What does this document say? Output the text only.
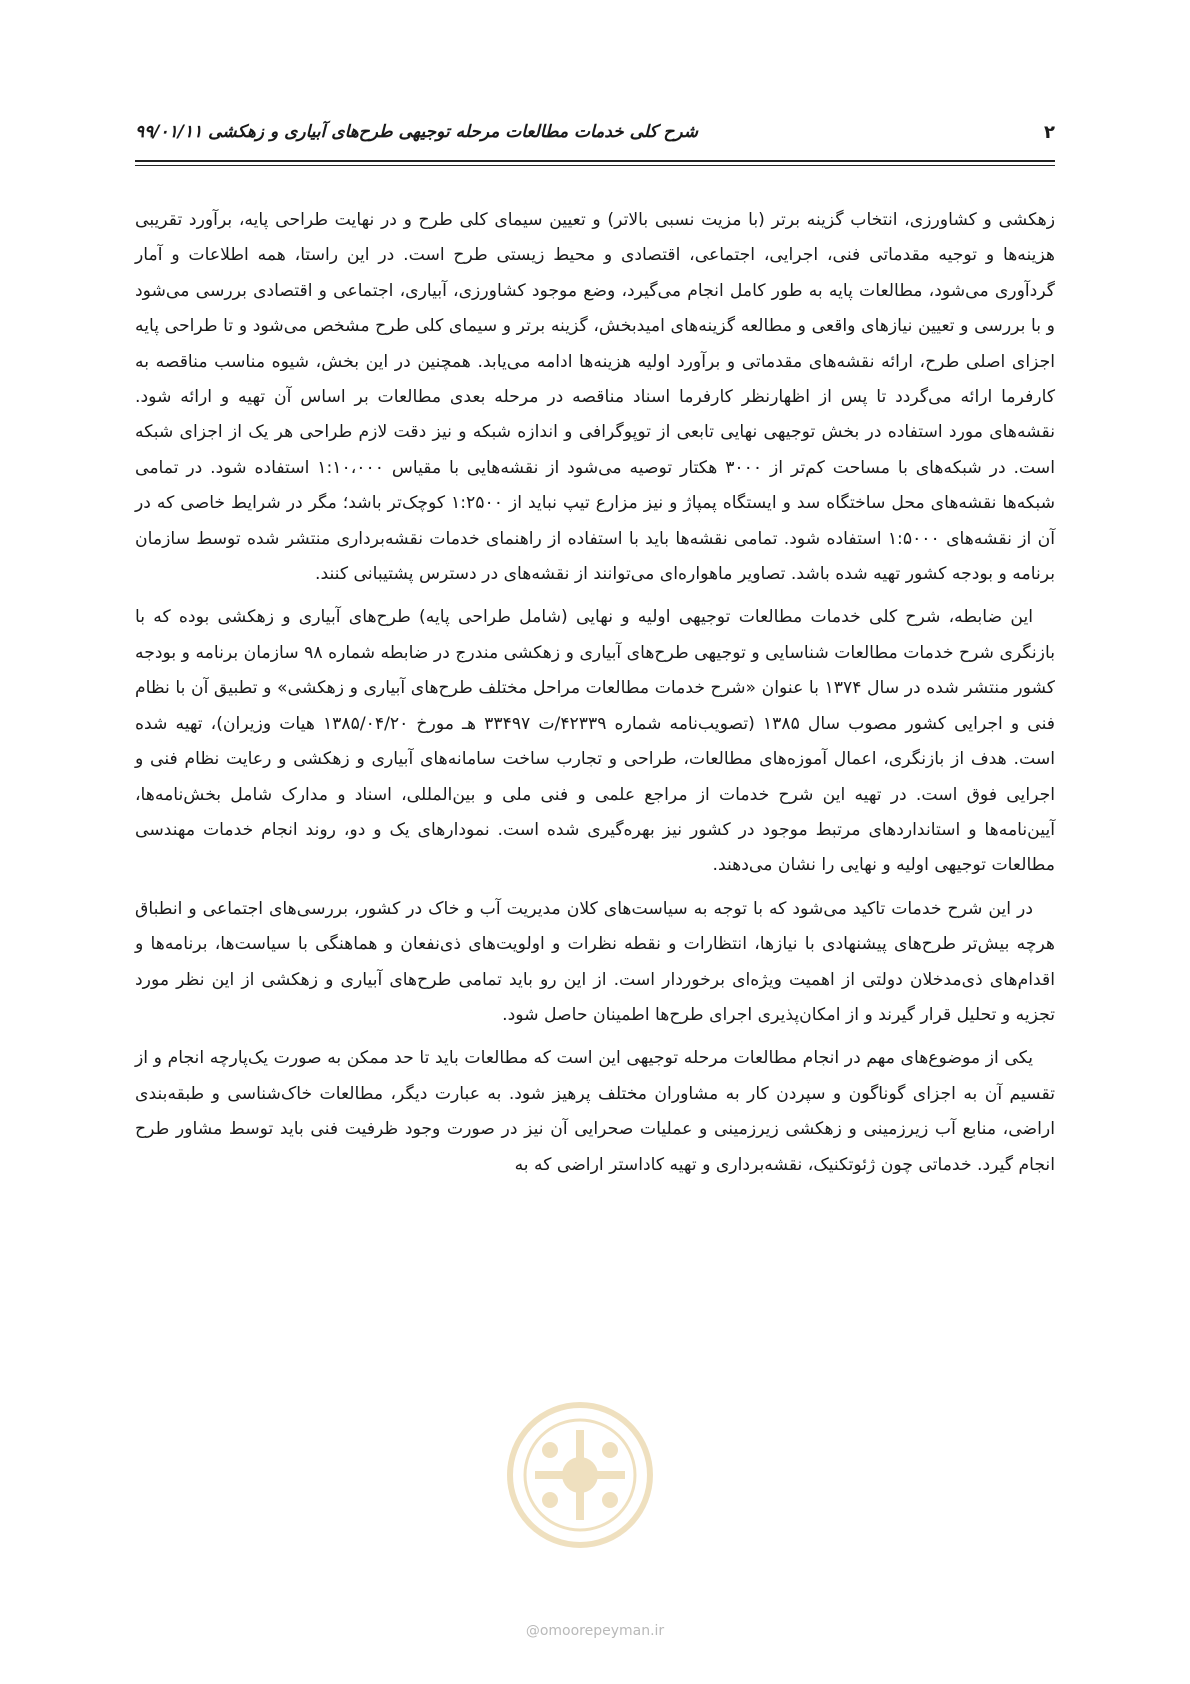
۲
شرح کلی خدمات مطالعات مرحله توجیهی طرح‌های آبیاری و زهکشی ۹۹/۰۱/۱۱

زهکشی و کشاورزی، انتخاب گزینه برتر (با مزیت نسبی بالاتر) و تعیین سیمای کلی طرح و در نهایت طراحی پایه، برآورد تقریبی هزینه‌ها و توجیه مقدماتی فنی، اجرایی، اجتماعی، اقتصادی و محیط زیستی طرح است. در این راستا، همه اطلاعات و آمار گردآوری می‌شود، مطالعات پایه به طور کامل انجام می‌گیرد، وضع موجود کشاورزی، آبیاری، اجتماعی و اقتصادی بررسی می‌شود و با بررسی و تعیین نیازهای واقعی و مطالعه گزینه‌های امیدبخش، گزینه برتر و سیمای کلی طرح مشخص می‌شود و تا طراحی پایه اجزای اصلی طرح، ارائه نقشه‌های مقدماتی و برآورد اولیه هزینه‌ها ادامه می‌یابد. همچنین در این بخش، شیوه مناسب مناقصه به کارفرما ارائه می‌گردد تا پس از اظهارنظر کارفرما اسناد مناقصه در مرحله بعدی مطالعات بر اساس آن تهیه و ارائه شود. نقشه‌های مورد استفاده در بخش توجیهی نهایی تابعی از توپوگرافی و اندازه شبکه و نیز دقت لازم طراحی هر یک از اجزای شبکه است. در شبکه‌های با مساحت کم‌تر از ۳۰۰۰ هکتار توصیه می‌شود از نقشه‌هایی با مقیاس ۱:۱۰،۰۰۰ استفاده شود. در تمامی شبکه‌ها نقشه‌های محل ساختگاه سد و ایستگاه پمپاژ و نیز مزارع تیپ نباید از ۱:۲۵۰۰ کوچک‌تر باشد؛ مگر در شرایط خاصی که در آن از نقشه‌های ۱:۵۰۰۰ استفاده شود. تمامی نقشه‌ها باید با استفاده از راهنمای خدمات نقشه‌برداری منتشر شده توسط سازمان برنامه و بودجه کشور تهیه شده باشد. تصاویر ماهواره‌ای می‌توانند از نقشه‌های در دسترس پشتیبانی کنند.

این ضابطه، شرح کلی خدمات مطالعات توجیهی اولیه و نهایی (شامل طراحی پایه) طرح‌های آبیاری و زهکشی بوده که با بازنگری شرح خدمات مطالعات شناسایی و توجیهی طرح‌های آبیاری و زهکشی مندرج در ضابطه شماره ۹۸ سازمان برنامه و بودجه کشور منتشر شده در سال ۱۳۷۴ با عنوان «شرح خدمات مطالعات مراحل مختلف طرح‌های آبیاری و زهکشی» و تطبیق آن با نظام فنی و اجرایی کشور مصوب سال ۱۳۸۵ (تصویب‌نامه شماره ۴۲۳۳۹/ت ۳۳۴۹۷ هـ مورخ ۱۳۸۵/۰۴/۲۰ هیات وزیران)، تهیه شده است. هدف از بازنگری، اعمال آموزه‌های مطالعات، طراحی و تجارب ساخت سامانه‌های آبیاری و زهکشی و رعایت نظام فنی و اجرایی فوق است. در تهیه این شرح خدمات از مراجع علمی و فنی ملی و بین‌المللی، اسناد و مدارک شامل بخش‌نامه‌ها، آیین‌نامه‌ها و استانداردهای مرتبط موجود در کشور نیز بهره‌گیری شده است. نمودارهای یک و دو، روند انجام خدمات مهندسی مطالعات توجیهی اولیه و نهایی را نشان می‌دهند.

در این شرح خدمات تاکید می‌شود که با توجه به سیاست‌های کلان مدیریت آب و خاک در کشور، بررسی‌های اجتماعی و انطباق هرچه بیش‌تر طرح‌های پیشنهادی با نیازها، انتظارات و نقطه نظرات و اولویت‌های ذی‌نفعان و هماهنگی با سیاست‌ها، برنامه‌ها و اقدام‌های ذی‌مدخلان دولتی از اهمیت ویژه‌ای برخوردار است. از این رو باید تمامی طرح‌های آبیاری و زهکشی از این نظر مورد تجزیه و تحلیل قرار گیرند و از امکان‌پذیری اجرای طرح‌ها اطمینان حاصل شود.

یکی از موضوع‌های مهم در انجام مطالعات مرحله توجیهی این است که مطالعات باید تا حد ممکن به صورت یک‌پارچه انجام و از تقسیم آن به اجزای گوناگون و سپردن کار به مشاوران مختلف پرهیز شود. به عبارت دیگر، مطالعات خاک‌شناسی و طبقه‌بندی اراضی، منابع آب زیرزمینی و زهکشی زیرزمینی و عملیات صحرایی آن نیز در صورت وجود ظرفیت فنی باید توسط مشاور طرح انجام گیرد. خدماتی چون ژئوتکنیک، نقشه‌برداری و تهیه کاداستر اراضی که به

@omoorepeyman.ir
